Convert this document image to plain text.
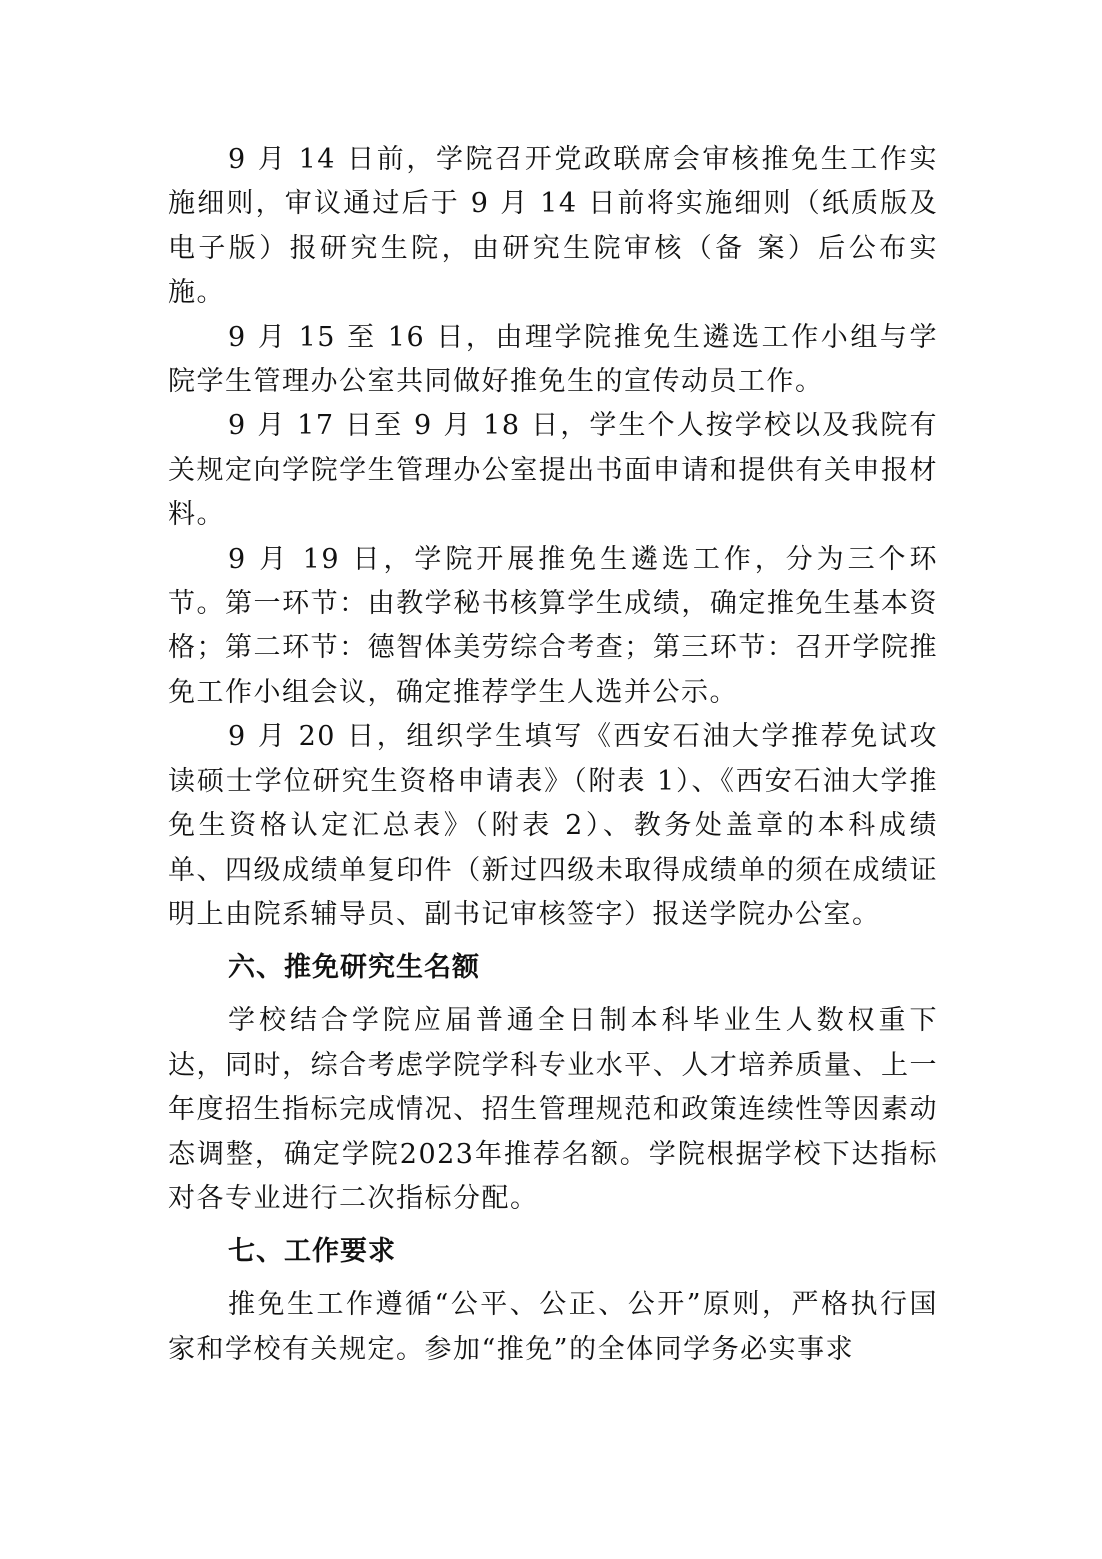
9 月 14 日前，学院召开党政联席会审核推免生工作实施细则，审议通过后于 9 月 14 日前将实施细则（纸质版及电子版）报研究生院，由研究生院审核（备 案）后公布实施。

9 月 15 至 16 日，由理学院推免生遴选工作小组与学院学生管理办公室共同做好推免生的宣传动员工作。

9 月 17 日至 9 月 18 日，学生个人按学校以及我院有关规定向学院学生管理办公室提出书面申请和提供有关申报材料。

9 月 19 日，学院开展推免生遴选工作，分为三个环节。第一环节：由教学秘书核算学生成绩，确定推免生基本资格；第二环节：德智体美劳综合考查；第三环节：召开学院推免工作小组会议，确定推荐学生人选并公示。

9 月 20 日，组织学生填写《西安石油大学推荐免试攻读硕士学位研究生资格申请表》（附表 1）、《西安石油大学推免生资格认定汇总表》（附表 2）、教务处盖章的本科成绩单、四级成绩单复印件（新过四级未取得成绩单的须在成绩证明上由院系辅导员、副书记审核签字）报送学院办公室。

六、推免研究生名额

学校结合学院应届普通全日制本科毕业生人数权重下达，同时，综合考虑学院学科专业水平、人才培养质量、上一年度招生指标完成情况、招生管理规范和政策连续性等因素动态调整，确定学院2023年推荐名额。学院根据学校下达指标对各专业进行二次指标分配。

七、工作要求

推免生工作遵循“公平、公正、公开”原则，严格执行国家和学校有关规定。参加“推免”的全体同学务必实事求
